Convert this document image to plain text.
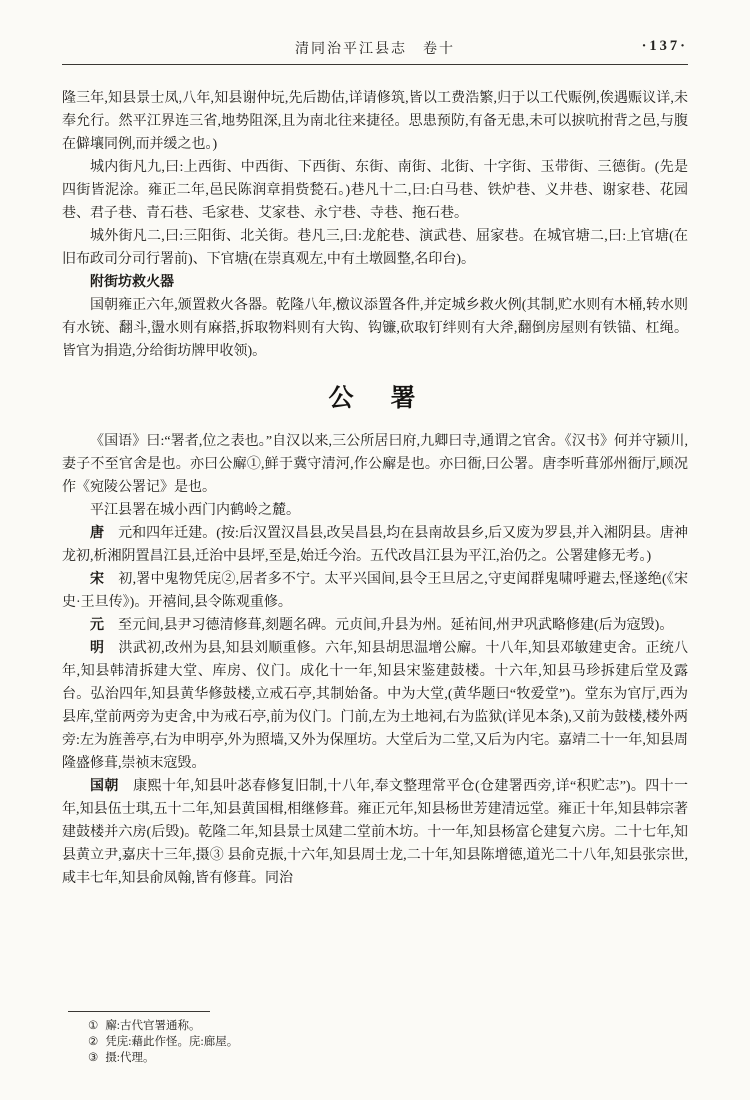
清同治平江县志　卷十	·137·

隆三年,知县景士凤,八年,知县谢仲坃,先后勘估,详请修筑,皆以工费浩繁,归于以工代赈例,俟遇赈议详,未奉允行。然平江界连三省,地势阻深,且为南北往来捷径。思患预防,有备无患,未可以捩吭拊背之邑,与腹在僻壤同例,而并缓之也。)

城内街凡九,曰:上西街、中西街、下西街、东街、南街、北街、十字街、玉带街、三德街。(先是四街皆泥涂。雍正二年,邑民陈润章捐赀甃石。)巷凡十二,曰:白马巷、铁炉巷、义井巷、谢家巷、花园巷、君子巷、青石巷、毛家巷、艾家巷、永宁巷、寺巷、拖石巷。

城外街凡二,曰:三阳街、北关街。巷凡三,曰:龙舵巷、演武巷、屈家巷。在城官塘二,曰:上官塘(在旧布政司分司行署前)、下官塘(在崇真观左,中有土墩圆整,名印台)。

附街坊救火器

国朝雍正六年,颁置救火各器。乾隆八年,檄议添置各件,并定城乡救火例(其制,贮水则有木桶,转水则有水铳、翻斗,盪水则有麻搭,拆取物料则有大钩、钩镰,砍取钉绊则有大斧,翻倒房屋则有铁锚、杠绳。皆官为捐造,分给街坊牌甲收领)。

公　署

《国语》曰:“署者,位之表也。”自汉以来,三公所居曰府,九卿曰寺,通谓之官舍。《汉书》何并守颍川,妻子不至官舍是也。亦曰公廨①,鲜于冀守清河,作公廨是也。亦曰衙,曰公署。唐李听葺邠州衙厅,顾况作《宛陵公署记》是也。

平江县署在城小西门内鹤岭之麓。

唐　元和四年迁建。(按:后汉置汉昌县,改吴昌县,均在县南故县乡,后又废为罗县,并入湘阴县。唐神龙初,析湘阴置昌江县,迁治中县坪,至是,始迁今治。五代改昌江县为平江,治仍之。公署建修无考。)

宋　初,署中鬼物凭庑②,居者多不宁。太平兴国间,县令王旦居之,守吏闻群鬼啸呼避去,怪遂绝(《宋史·王旦传》)。开禧间,县令陈观重修。

元　至元间,县尹习德清修葺,刻题名碑。元贞间,升县为州。延祐间,州尹巩武略修建(后为寇毁)。

明　洪武初,改州为县,知县刘顺重修。六年,知县胡思温增公廨。十八年,知县邓敏建吏舍。正统八年,知县韩清拆建大堂、库房、仪门。成化十一年,知县宋鉴建鼓楼。十六年,知县马珍拆建后堂及露台。弘治四年,知县黄华修鼓楼,立戒石亭,其制始备。中为大堂,(黄华题曰“牧爱堂”)。堂东为官厅,西为县库,堂前两旁为吏舍,中为戒石亭,前为仪门。门前,左为土地祠,右为监狱(详见本条),又前为鼓楼,楼外两旁:左为旌善亭,右为申明亭,外为照墙,又外为保厘坊。大堂后为二堂,又后为内宅。嘉靖二十一年,知县周隆盛修葺,崇祯末寇毁。

国朝　康熙十年,知县叶苾春修复旧制,十八年,奉文整理常平仓(仓建署西旁,详“积贮志”)。四十一年,知县伍士琪,五十二年,知县黄国楫,相继修葺。雍正元年,知县杨世芳建清远堂。雍正十年,知县韩宗著建鼓楼并六房(后毁)。乾隆二年,知县景士凤建二堂前木坊。十一年,知县杨富仑建复六房。二十七年,知县黄立尹,嘉庆十三年,摄③ 县俞克振,十六年,知县周士龙,二十年,知县陈增德,道光二十八年,知县张宗世,咸丰七年,知县俞凤翰,皆有修葺。同治

① 廨:古代官署通称。
② 凭庑:藉此作怪。庑:廊屋。
③ 摄:代理。
